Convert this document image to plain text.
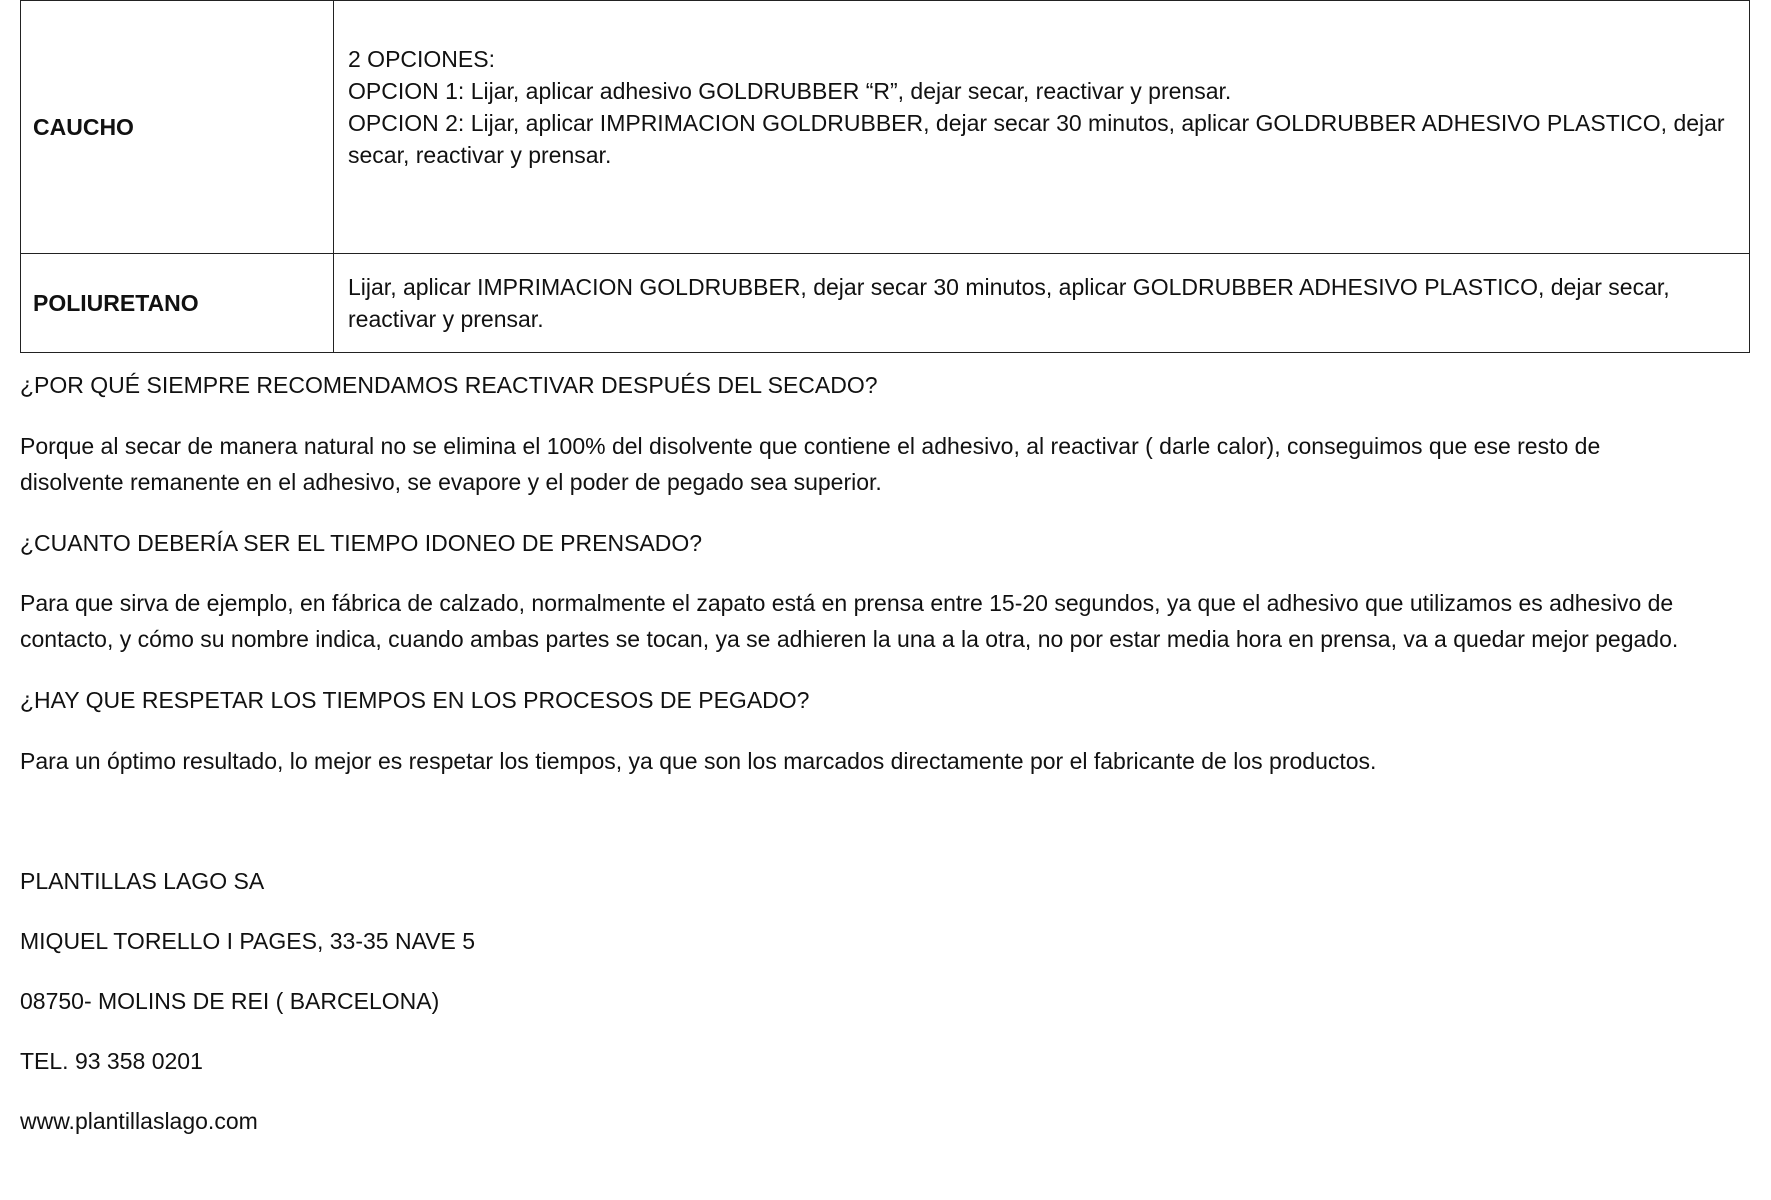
CAUCHO	2 OPCIONES:
OPCION 1: Lijar, aplicar adhesivo GOLDRUBBER “R”, dejar secar, reactivar y prensar.
OPCION 2: Lijar, aplicar IMPRIMACION GOLDRUBBER, dejar secar 30 minutos, aplicar GOLDRUBBER ADHESIVO PLASTICO, dejar
secar, reactivar y prensar.

POLIURETANO	Lijar, aplicar IMPRIMACION GOLDRUBBER, dejar secar 30 minutos, aplicar GOLDRUBBER ADHESIVO PLASTICO, dejar secar,
reactivar y prensar.
¿POR QUÉ SIEMPRE RECOMENDAMOS REACTIVAR DESPUÉS DEL SECADO?
Porque al secar de manera natural no se elimina el 100% del disolvente que contiene el adhesivo, al reactivar ( darle calor), conseguimos que ese resto de
disolvente remanente en el adhesivo, se evapore y el poder de pegado sea superior.
¿CUANTO DEBERÍA SER EL TIEMPO IDONEO DE PRENSADO?
Para que sirva de ejemplo, en fábrica de calzado, normalmente el zapato está en prensa entre 15-20 segundos, ya que el adhesivo que utilizamos es adhesivo de
contacto, y cómo su nombre indica, cuando ambas partes se tocan, ya se adhieren la una a la otra, no por estar media hora en prensa, va a quedar mejor pegado.
¿HAY QUE RESPETAR LOS TIEMPOS EN LOS PROCESOS DE PEGADO?
Para un óptimo resultado, lo mejor es respetar los tiempos, ya que son los marcados directamente por el fabricante de los productos.
PLANTILLAS LAGO SA
MIQUEL TORELLO I PAGES, 33-35 NAVE 5
08750- MOLINS DE REI ( BARCELONA)
TEL. 93 358 0201
www.plantillaslago.com
